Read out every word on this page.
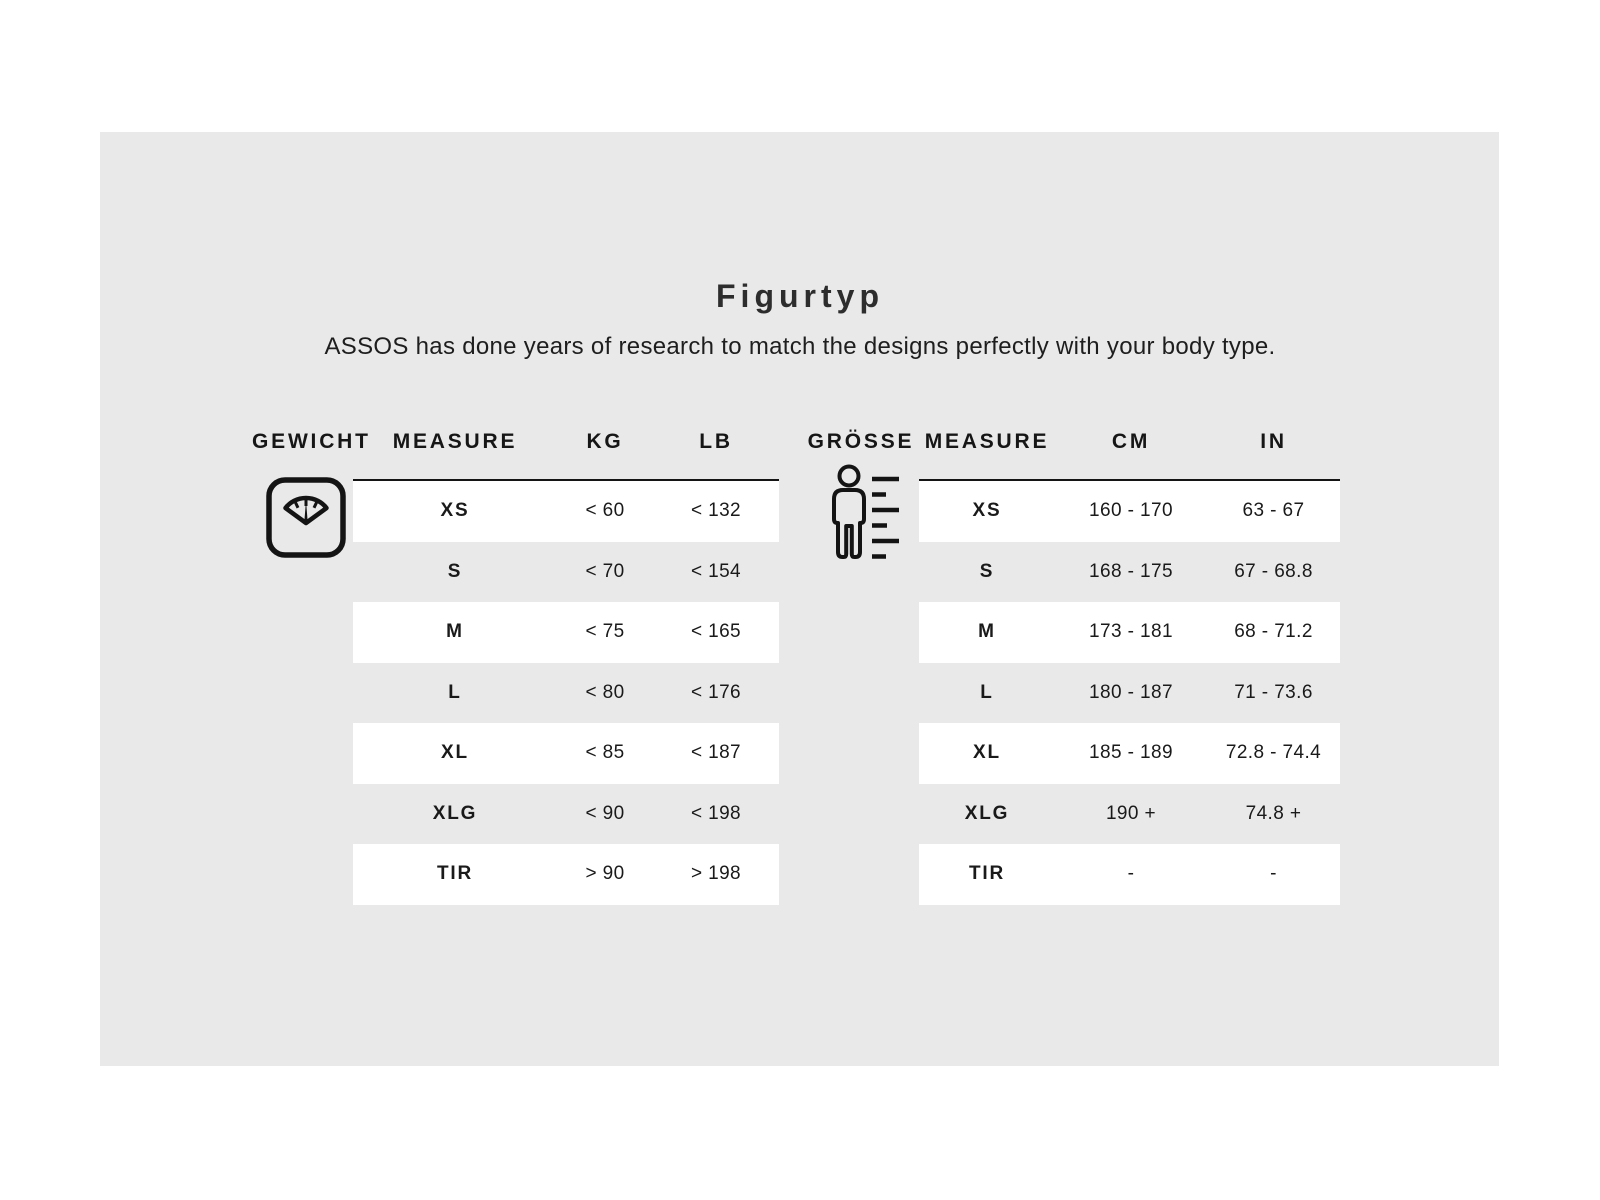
Figurtyp

ASSOS has done years of research to match the designs perfectly with your body type.

GEWICHT	MEASURE	KG	LB
XS	< 60	< 132
S	< 70	< 154
M	< 75	< 165
L	< 80	< 176
XL	< 85	< 187
XLG	< 90	< 198
TIR	> 90	> 198
GRÖSSE MEASURE	CM	IN
XS	160 - 170	63 - 67
S	168 - 175	67 - 68.8
M	173 - 181	68 - 71.2
L	180 - 187	71 - 73.6
XL	185 - 189	72.8 - 74.4
XLG	190 +	74.8 +
TIR	-	-
